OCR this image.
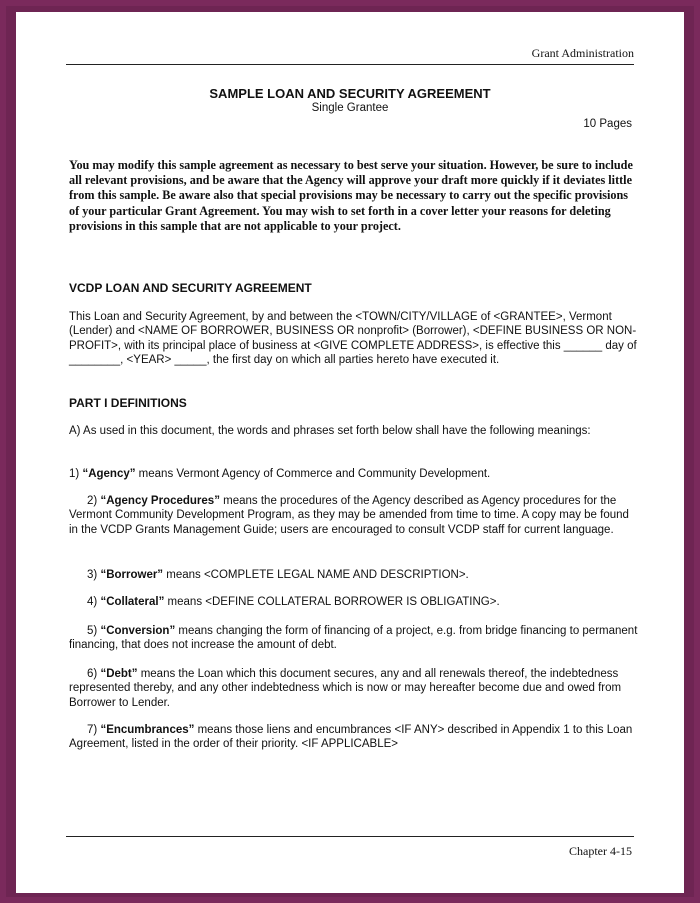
Grant Administration
SAMPLE LOAN AND SECURITY AGREEMENT
Single Grantee
10 Pages
You may modify this sample agreement as necessary to best serve your situation. However, be sure to include all relevant provisions, and be aware that the Agency will approve your draft more quickly if it deviates little from this sample. Be aware also that special provisions may be necessary to carry out the specific provisions of your particular Grant Agreement. You may wish to set forth in a cover letter your reasons for deleting provisions in this sample that are not applicable to your project.
VCDP LOAN AND SECURITY AGREEMENT
This Loan and Security Agreement, by and between the <TOWN/CITY/VILLAGE of <GRANTEE>, Vermont (Lender) and <NAME OF BORROWER, BUSINESS OR nonprofit> (Borrower), <DEFINE BUSINESS OR NON-PROFIT>, with its principal place of business at <GIVE COMPLETE ADDRESS>, is effective this ______ day of ________, <YEAR> _____, the first day on which all parties hereto have executed it.
PART I DEFINITIONS
A) As used in this document, the words and phrases set forth below shall have the following meanings:
1) “Agency” means Vermont Agency of Commerce and Community Development.
2) “Agency Procedures” means the procedures of the Agency described as Agency procedures for the Vermont Community Development Program, as they may be amended from time to time. A copy may be found in the VCDP Grants Management Guide; users are encouraged to consult VCDP staff for current language.
3) “Borrower” means <COMPLETE LEGAL NAME AND DESCRIPTION>.
4) “Collateral” means <DEFINE COLLATERAL BORROWER IS OBLIGATING>.
5) “Conversion” means changing the form of financing of a project, e.g. from bridge financing to permanent financing, that does not increase the amount of debt.
6) “Debt” means the Loan which this document secures, any and all renewals thereof, the indebtedness represented thereby, and any other indebtedness which is now or may hereafter become due and owed from Borrower to Lender.
7) “Encumbrances” means those liens and encumbrances <IF ANY> described in Appendix 1 to this Loan Agreement, listed in the order of their priority. <IF APPLICABLE>
Chapter 4-15
